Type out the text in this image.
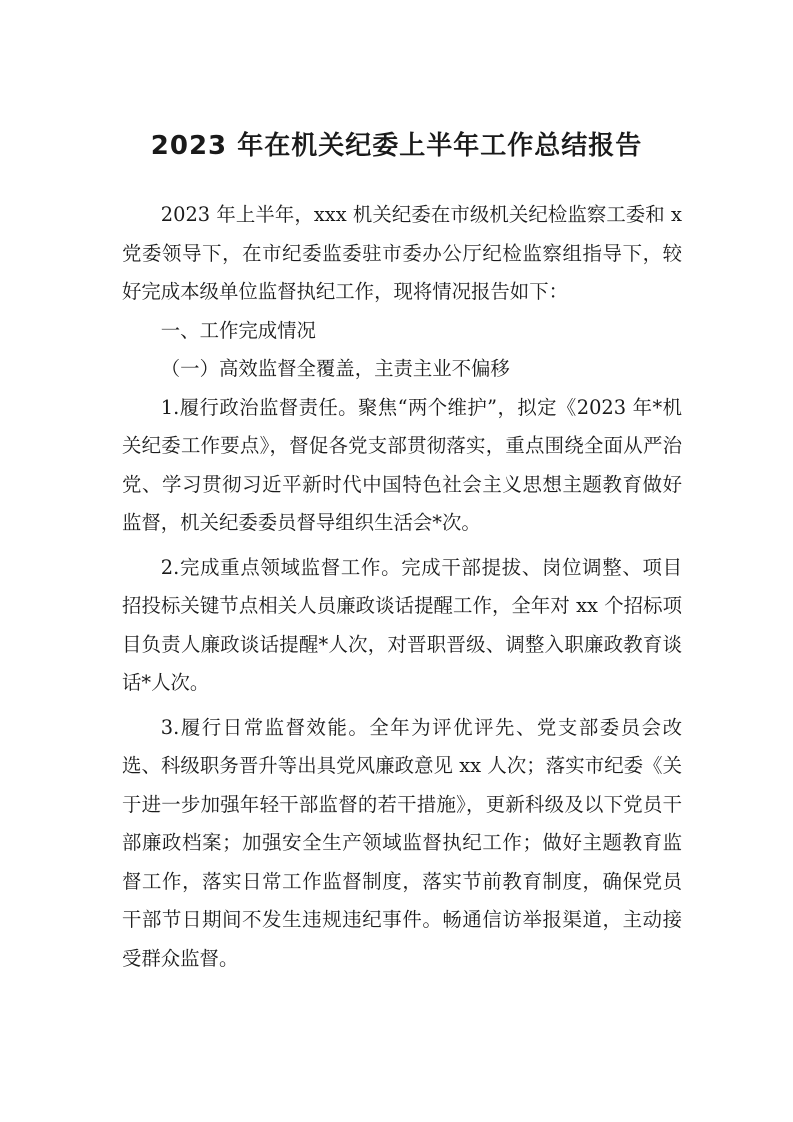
2023 年在机关纪委上半年工作总结报告

2023 年上半年，xxx 机关纪委在市级机关纪检监察工委和 x 党委领导下，在市纪委监委驻市委办公厅纪检监察组指导下，较好完成本级单位监督执纪工作，现将情况报告如下：

一、工作完成情况

（一）高效监督全覆盖，主责主业不偏移

1.履行政治监督责任。聚焦“两个维护”，拟定《2023 年*机关纪委工作要点》，督促各党支部贯彻落实，重点围绕全面从严治党、学习贯彻习近平新时代中国特色社会主义思想主题教育做好监督，机关纪委委员督导组织生活会*次。

2.完成重点领域监督工作。完成干部提拔、岗位调整、项目招投标关键节点相关人员廉政谈话提醒工作，全年对 xx 个招标项目负责人廉政谈话提醒*人次，对晋职晋级、调整入职廉政教育谈话*人次。

3.履行日常监督效能。全年为评优评先、党支部委员会改选、科级职务晋升等出具党风廉政意见 xx 人次；落实市纪委《关于进一步加强年轻干部监督的若干措施》，更新科级及以下党员干部廉政档案；加强安全生产领域监督执纪工作；做好主题教育监督工作，落实日常工作监督制度，落实节前教育制度，确保党员干部节日期间不发生违规违纪事件。畅通信访举报渠道，主动接受群众监督。
